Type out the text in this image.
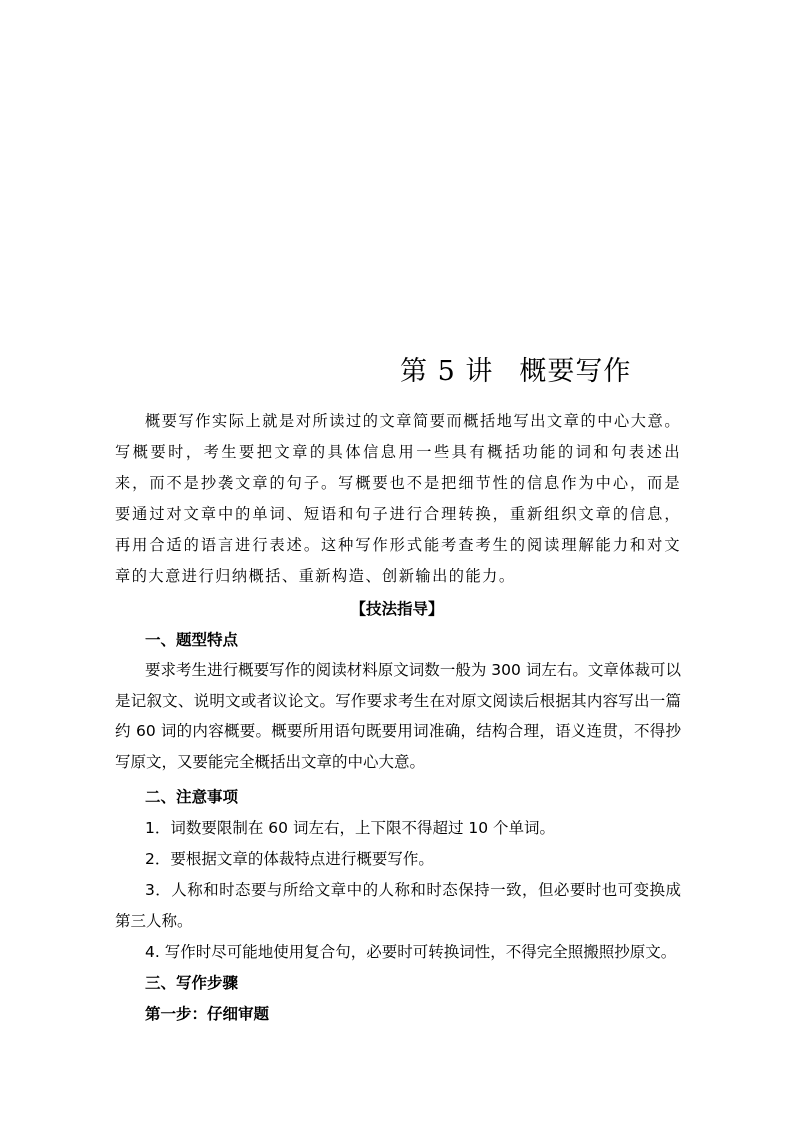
第 5 讲 概要写作

概要写作实际上就是对所读过的文章简要而概括地写出文章的中心大意。写概要时，考生要把文章的具体信息用一些具有概括功能的词和句表述出来，而不是抄袭文章的句子。写概要也不是把细节性的信息作为中心，而是要通过对文章中的单词、短语和句子进行合理转换，重新组织文章的信息，再用合适的语言进行表述。这种写作形式能考查考生的阅读理解能力和对文章的大意进行归纳概括、重新构造、创新输出的能力。

【技法指导】

一、题型特点

要求考生进行概要写作的阅读材料原文词数一般为 300 词左右。文章体裁可以是记叙文、说明文或者议论文。写作要求考生在对原文阅读后根据其内容写出一篇约 60 词的内容概要。概要所用语句既要用词准确，结构合理，语义连贯，不得抄写原文，又要能完全概括出文章的中心大意。

二、注意事项

1．词数要限制在 60 词左右，上下限不得超过 10 个单词。

2．要根据文章的体裁特点进行概要写作。

3．人称和时态要与所给文章中的人称和时态保持一致，但必要时也可变换成第三人称。

4. 写作时尽可能地使用复合句，必要时可转换词性，不得完全照搬照抄原文。

三、写作步骤

第一步：仔细审题
